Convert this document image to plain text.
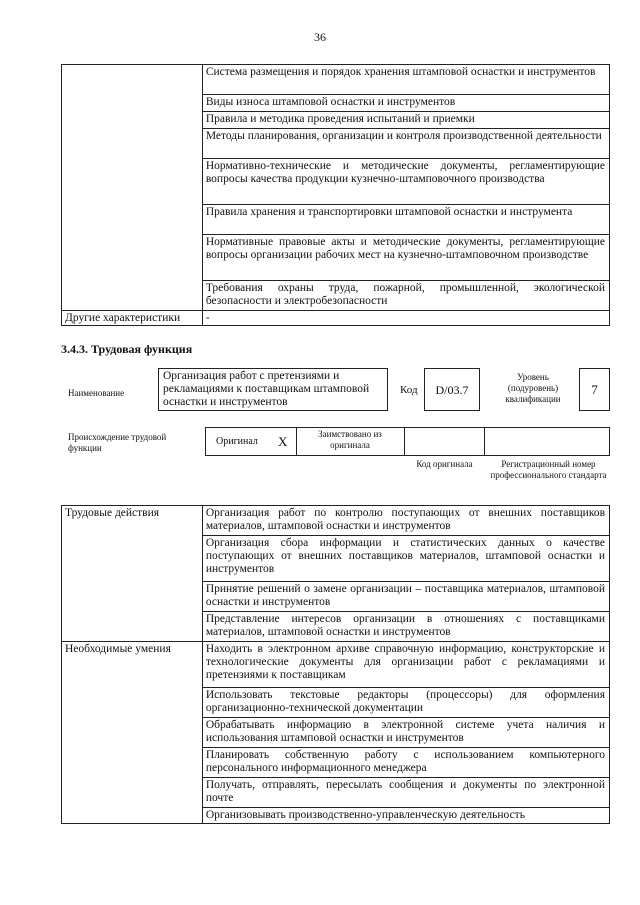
36
	Система размещения и порядок хранения штамповой оснастки и инструментов
	Виды износа штамповой оснастки и инструментов
	Правила и методика проведения испытаний и приемки
	Методы планирования, организации и контроля производственной деятельности
	Нормативно-технические и методические документы, регламентирующие вопросы качества продукции кузнечно-штамповочного производства
	Правила хранения и транспортировки штамповой оснастки и инструмента
	Нормативные правовые акты и методические документы, регламентирующие вопросы организации рабочих мест на кузнечно-штамповочном производстве
	Требования охраны труда, пожарной, промышленной, экологической безопасности и электробезопасности
Другие характеристики	-
3.4.3. Трудовая функция
Наименование
Организация работ с претензиями и рекламациями к поставщикам штамповой оснастки и инструментов
Код	D/03.7
Уровень (подуровень) квалификации
7
Происхождение трудовой функции
Оригинал X	Заимствовано из оригинала
Код оригинала	Регистрационный номер профессионального стандарта
Трудовые действия	Организация работ по контролю поступающих от внешних поставщиков материалов, штамповой оснастки и инструментов
	Организация сбора информации и статистических данных о качестве поступающих от внешних поставщиков материалов, штамповой оснастки и инструментов
	Принятие решений о замене организации – поставщика материалов, штамповой оснастки и инструментов
	Представление интересов организации в отношениях с поставщиками материалов, штамповой оснастки и инструментов
Необходимые умения	Находить в электронном архиве справочную информацию, конструкторские и технологические документы для организации работ с рекламациями и претензиями к поставщикам
	Использовать текстовые редакторы (процессоры) для оформления организационно-технической документации
	Обрабатывать информацию в электронной системе учета наличия и использования штамповой оснастки и инструментов
	Планировать собственную работу с использованием компьютерного персонального информационного менеджера
	Получать, отправлять, пересылать сообщения и документы по электронной почте
	Организовывать производственно-управленческую деятельность
